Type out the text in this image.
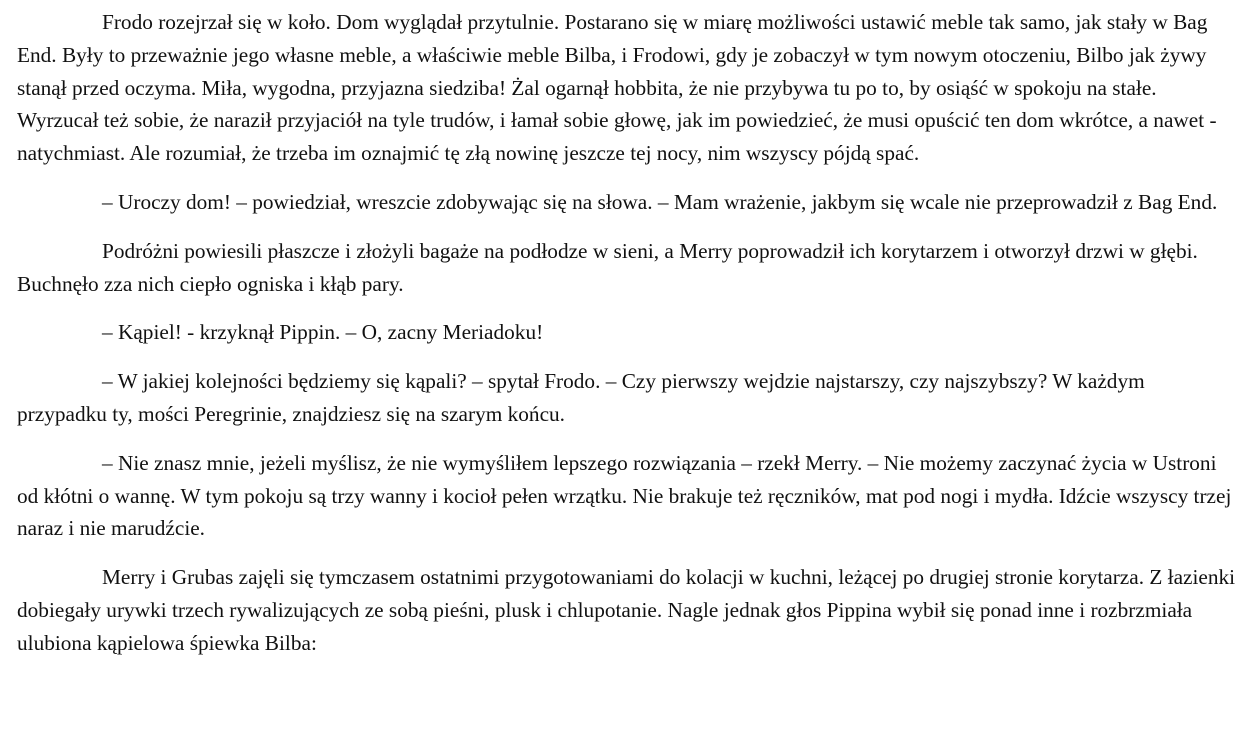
Frodo rozejrzał się w koło. Dom wyglądał przytulnie. Postarano się w miarę możliwości ustawić meble tak samo, jak stały w Bag End. Były to przeważnie jego własne meble, a właściwie meble Bilba, i Frodowi, gdy je zobaczył w tym nowym otoczeniu, Bilbo jak żywy stanął przed oczyma. Miła, wygodna, przyjazna siedziba! Żal ogarnął hobbita, że nie przybywa tu po to, by osiąść w spokoju na stałe. Wyrzucał też sobie, że naraził przyjaciół na tyle trudów, i łamał sobie głowę, jak im powiedzieć, że musi opuścić ten dom wkrótce, a nawet - natychmiast. Ale rozumiał, że trzeba im oznajmić tę złą nowinę jeszcze tej nocy, nim wszyscy pójdą spać.

– Uroczy dom! – powiedział, wreszcie zdobywając się na słowa. – Mam wrażenie, jakbym się wcale nie przeprowadził z Bag End.

Podróżni powiesili płaszcze i złożyli bagaże na podłodze w sieni, a Merry poprowadził ich korytarzem i otworzył drzwi w głębi. Buchnęło zza nich ciepło ogniska i kłąb pary.

– Kąpiel! - krzyknął Pippin. – O, zacny Meriadoku!

– W jakiej kolejności będziemy się kąpali? – spytał Frodo. – Czy pierwszy wejdzie najstarszy, czy najszybszy? W każdym przypadku ty, mości Peregrinie, znajdziesz się na szarym końcu.

– Nie znasz mnie, jeżeli myślisz, że nie wymyśliłem lepszego rozwiązania – rzekł Merry. – Nie możemy zaczynać życia w Ustroni od kłótni o wannę. W tym pokoju są trzy wanny i kocioł pełen wrzątku. Nie brakuje też ręczników, mat pod nogi i mydła. Idźcie wszyscy trzej naraz i nie marudźcie.

Merry i Grubas zajęli się tymczasem ostatnimi przygotowaniami do kolacji w kuchni, leżącej po drugiej stronie korytarza. Z łazienki dobiegały urywki trzech rywalizujących ze sobą pieśni, plusk i chlupotanie. Nagle jednak głos Pippina wybił się ponad inne i rozbrzmiała ulubiona kąpielowa śpiewka Bilba:
